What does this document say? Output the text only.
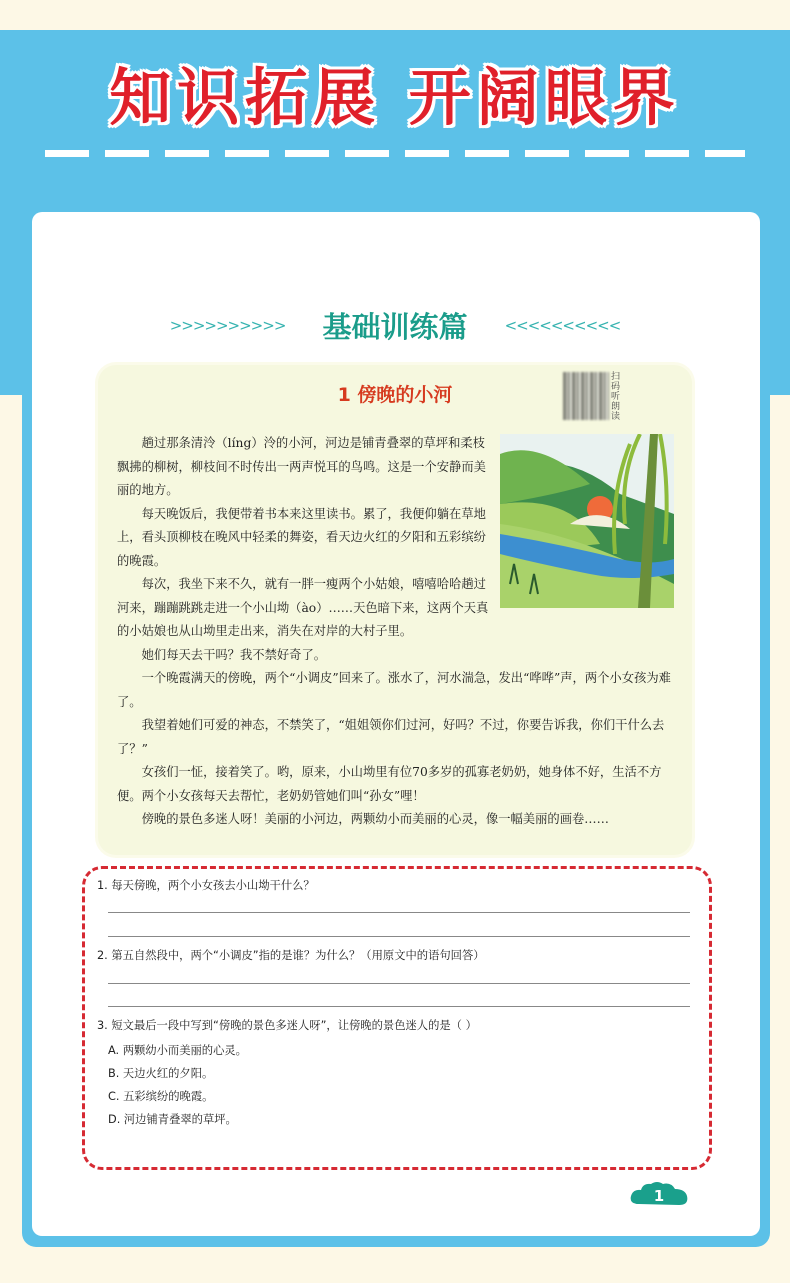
知识拓展 开阔眼界
>>>>>>>>>> 基础训练篇 <<<<<<<<<<
1 傍晚的小河
扫码听朗读

趟过那条清泠（líng）泠的小河，河边是铺青叠翠的草坪和柔枝飘拂的柳树，柳枝间不时传出一两声悦耳的鸟鸣。这是一个安静而美丽的地方。

每天晚饭后，我便带着书本来这里读书。累了，我便仰躺在草地上，看头顶柳枝在晚风中轻柔的舞姿，看天边火红的夕阳和五彩缤纷的晚霞。

每次，我坐下来不久，就有一胖一瘦两个小姑娘，嘻嘻哈哈趟过河来，蹦蹦跳跳走进一个小山坳（ào）……天色暗下来，这两个天真的小姑娘也从山坳里走出来，消失在对岸的大村子里。

她们每天去干吗？我不禁好奇了。

一个晚霞满天的傍晚，两个“小调皮”回来了。涨水了，河水湍急，发出“哗哗”声，两个小女孩为难了。

我望着她们可爱的神态，不禁笑了，“姐姐领你们过河，好吗？不过，你要告诉我，你们干什么去了？”

女孩们一怔，接着笑了。哟，原来，小山坳里有位70多岁的孤寡老奶奶，她身体不好，生活不方便。两个小女孩每天去帮忙，老奶奶管她们叫“孙女”哩！

傍晚的景色多迷人呀！美丽的小河边，两颗幼小而美丽的心灵，像一幅美丽的画卷……

1. 每天傍晚，两个小女孩去小山坳干什么？
2. 第五自然段中，两个“小调皮”指的是谁？为什么？（用原文中的语句回答）
3. 短文最后一段中写到“傍晚的景色多迷人呀”，让傍晚的景色迷人的是（ ）
A. 两颗幼小而美丽的心灵。
B. 天边火红的夕阳。
C. 五彩缤纷的晚霞。
D. 河边铺青叠翠的草坪。
1
